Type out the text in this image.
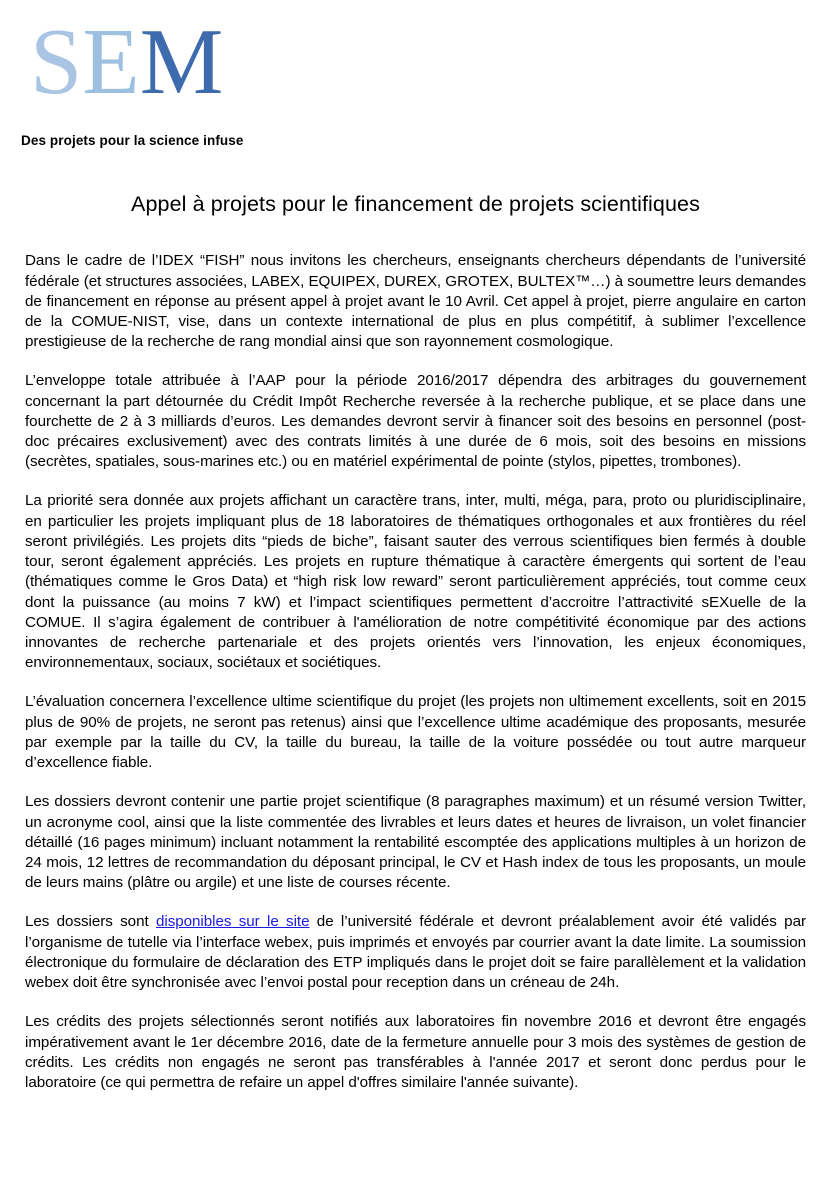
SEM
Des projets pour la science infuse
Appel à projets pour le financement de projets scientifiques

Dans le cadre de l’IDEX “FISH” nous invitons les chercheurs, enseignants chercheurs dépendants de l’université fédérale (et structures associées, LABEX, EQUIPEX, DUREX, GROTEX, BULTEX™…) à soumettre leurs demandes de financement en réponse au présent appel à projet avant le 10 Avril. Cet appel à projet, pierre angulaire en carton de la COMUE-NIST, vise, dans un contexte international de plus en plus compétitif, à sublimer l’excellence prestigieuse de la recherche de rang mondial ainsi que son rayonnement cosmologique.

L’enveloppe totale attribuée à l’AAP pour la période 2016/2017 dépendra des arbitrages du gouvernement concernant la part détournée du Crédit Impôt Recherche reversée à la recherche publique, et se place dans une fourchette de 2 à 3 milliards d’euros. Les demandes devront servir à financer soit des besoins en personnel (post-doc précaires exclusivement) avec des contrats limités à une durée de 6 mois, soit des besoins en missions (secrètes, spatiales, sous-marines etc.) ou en matériel expérimental de pointe (stylos, pipettes, trombones).

La priorité sera donnée aux projets affichant un caractère trans, inter, multi, méga, para, proto ou pluridisciplinaire, en particulier les projets impliquant plus de 18 laboratoires de thématiques orthogonales et aux frontières du réel seront privilégiés. Les projets dits “pieds de biche”, faisant sauter des verrous scientifiques bien fermés à double tour, seront également appréciés. Les projets en rupture thématique à caractère émergents qui sortent de l’eau (thématiques comme le Gros Data) et “high risk low reward” seront particulièrement appréciés, tout comme ceux dont la puissance (au moins 7 kW) et l’impact scientifiques permettent d’accroitre l’attractivité sEXuelle de la COMUE. Il s’agira également de contribuer à l'amélioration de notre compétitivité économique par des actions innovantes de recherche partenariale et des projets orientés vers l’innovation, les enjeux économiques, environnementaux, sociaux, sociétaux et sociétiques.

L’évaluation concernera l’excellence ultime scientifique du projet (les projets non ultimement excellents, soit en 2015 plus de 90% de projets, ne seront pas retenus) ainsi que l’excellence ultime académique des proposants, mesurée par exemple par la taille du CV, la taille du bureau, la taille de la voiture possédée ou tout autre marqueur d’excellence fiable.

Les dossiers devront contenir une partie projet scientifique (8 paragraphes maximum) et un résumé version Twitter, un acronyme cool, ainsi que la liste commentée des livrables et leurs dates et heures de livraison, un volet financier détaillé (16 pages minimum) incluant notamment la rentabilité escomptée des applications multiples à un horizon de 24 mois, 12 lettres de recommandation du déposant principal, le CV et Hash index de tous les proposants, un moule de leurs mains (plâtre ou argile) et une liste de courses récente.

Les dossiers sont disponibles sur le site de l’université fédérale et devront préalablement avoir été validés par l’organisme de tutelle via l’interface webex, puis imprimés et envoyés par courrier avant la date limite. La soumission électronique du formulaire de déclaration des ETP impliqués dans le projet doit se faire parallèlement et la validation webex doit être synchronisée avec l’envoi postal pour reception dans un créneau de 24h.

Les crédits des projets sélectionnés seront notifiés aux laboratoires fin novembre 2016 et devront être engagés impérativement avant le 1er décembre 2016, date de la fermeture annuelle pour 3 mois des systèmes de gestion de crédits. Les crédits non engagés ne seront pas transférables à l'année 2017 et seront donc perdus pour le laboratoire (ce qui permettra de refaire un appel d'offres similaire l'année suivante).
